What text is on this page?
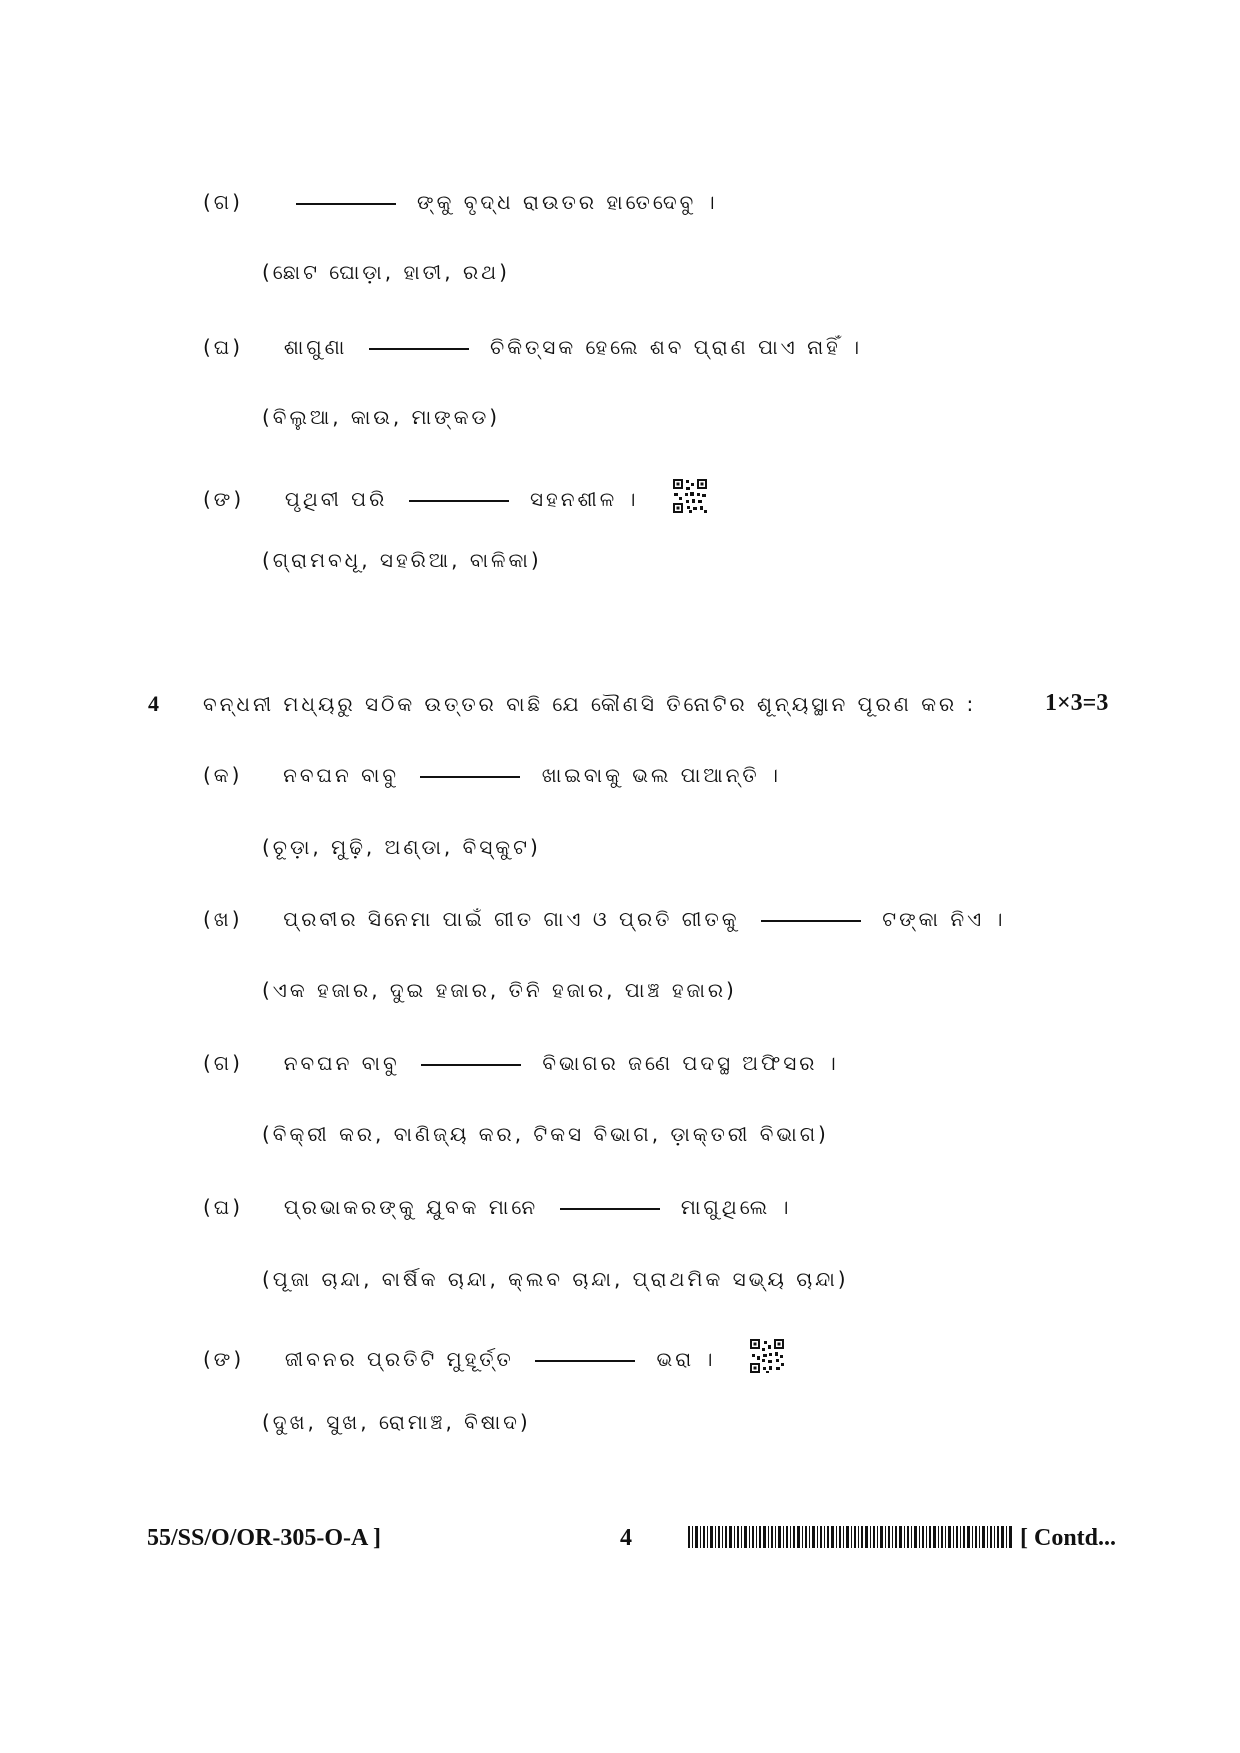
(ଗ)	ଙ୍କୁ ବୃଦ୍ଧ ରାଉତର ହାତେଦେବୁ ।
(ଛୋଟ ଘୋଡ଼ା, ହାତୀ, ରଥ)
(ଘ) ଶାଗୁଣା	ଚିକିତ୍ସକ ହେଲେ ଶବ ପ୍ରାଣ ପାଏ ନାହିଁ ।
(ବିଲୁଆ, କାଉ, ମାଙ୍କଡ)
(ଙ) ପୃଥିବୀ ପରି	ସହନଶୀଳ ।
(ଗ୍ରାମବଧୂ, ସହରିଆ, ବାଳିକା)
4 ବନ୍ଧନୀ ମଧ୍ୟରୁ ସଠିକ ଉତ୍ତର ବାଛି ଯେ କୌଣସି ତିନୋଟିର ଶୂନ୍ୟସ୍ଥାନ ପୂରଣ କର :	1×3=3
(କ) ନବଘନ ବାବୁ	ଖାଇବାକୁ ଭଲ ପାଆନ୍ତି ।
(ଚୂଡ଼ା, ମୁଢ଼ି, ଅଣ୍ଡା, ବିସ୍କୁଟ)
(ଖ) ପ୍ରବୀର ସିନେମା ପାଇଁ ଗୀତ ଗାଏ ଓ ପ୍ରତି ଗୀତକୁ	ଟଙ୍କା ନିଏ ।
(ଏକ ହଜାର, ଦୁଇ ହଜାର, ତିନି ହଜାର, ପାଞ୍ଚ ହଜାର)
(ଗ) ନବଘନ ବାବୁ	ବିଭାଗର ଜଣେ ପଦସ୍ଥ ଅଫିସର ।
(ବିକ୍ରୀ କର, ବାଣିଜ୍ୟ କର, ଟିକସ ବିଭାଗ, ଡ଼ାକ୍ତରୀ ବିଭାଗ)
(ଘ) ପ୍ରଭାକରଙ୍କୁ ଯୁବକ ମାନେ	ମାଗୁଥିଲେ ।
(ପୂଜା ଚାନ୍ଦା, ବାର୍ଷିକ ଚାନ୍ଦା, କ୍ଲବ ଚାନ୍ଦା, ପ୍ରାଥମିକ ସଭ୍ୟ ଚାନ୍ଦା)
(ଙ) ଜୀବନର ପ୍ରତିଟି ମୁହୂର୍ତ୍ତ	ଭରା ।
(ଦୁଖ, ସୁଖ, ରୋମାଞ୍ଚ, ବିଷାଦ)
55/SS/O/OR-305-O-A ]	4	[ Contd...
